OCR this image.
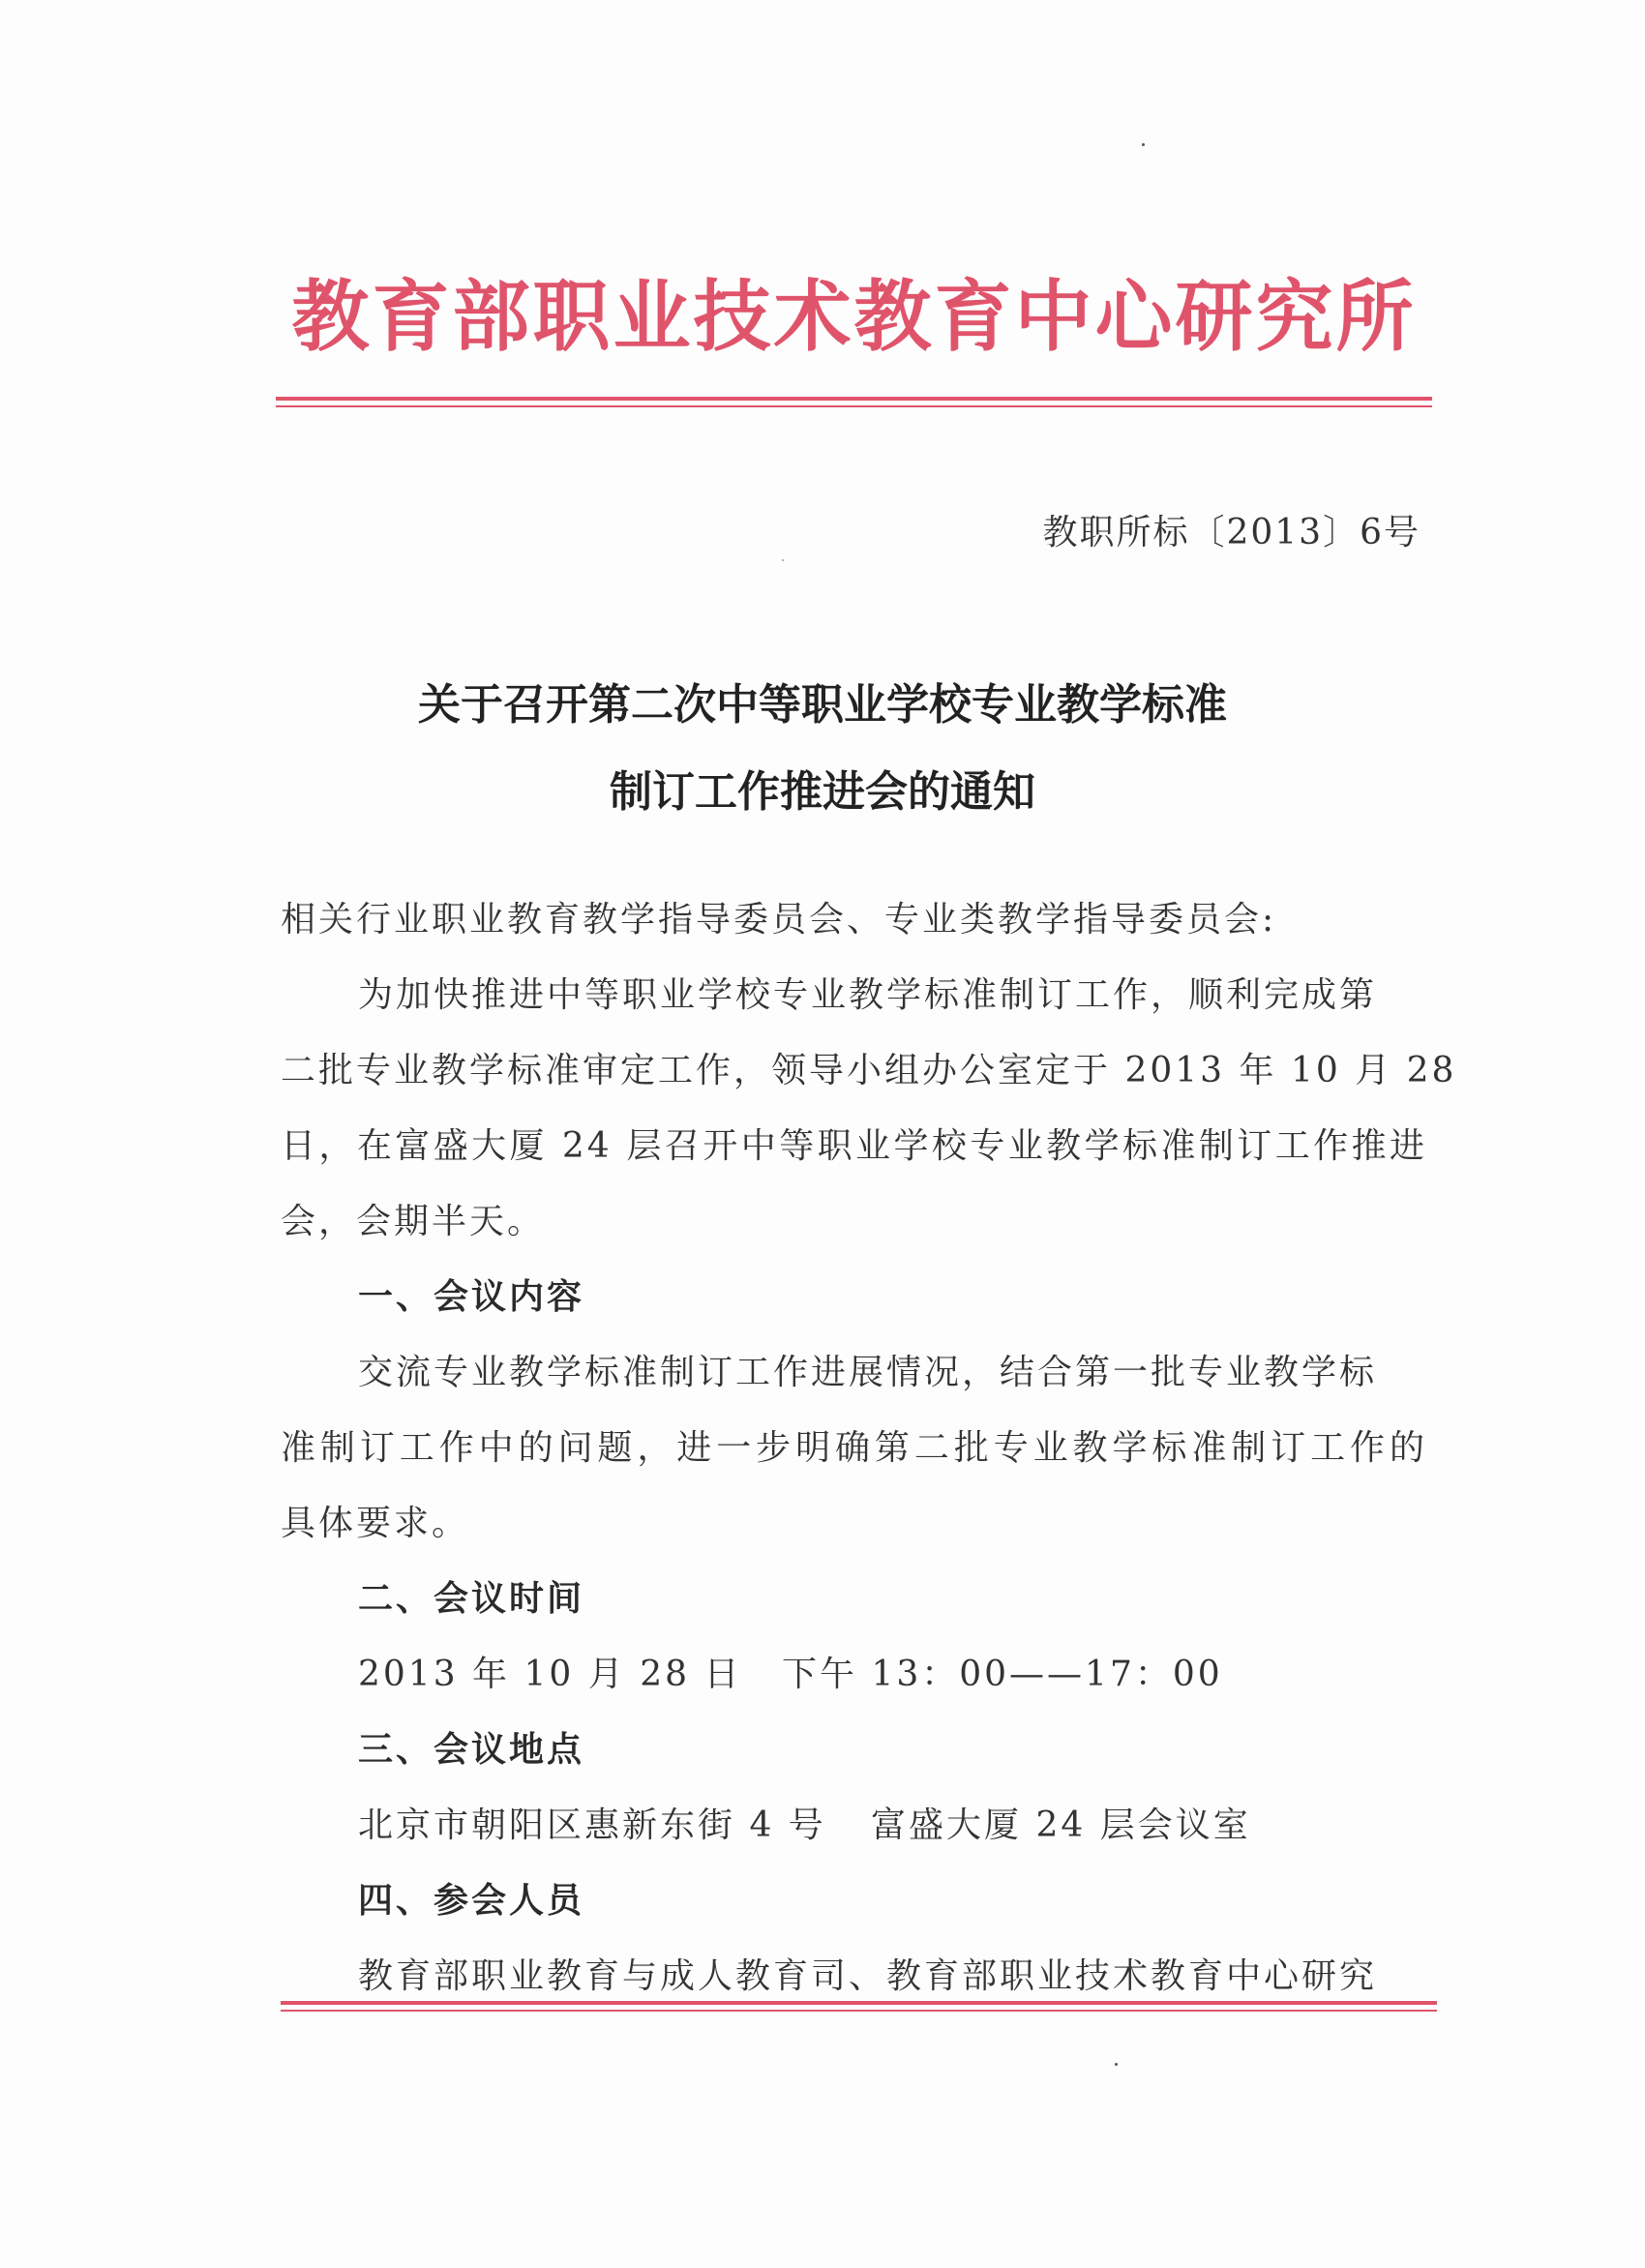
教育部职业技术教育中心研究所
教职所标〔2013〕6号
关于召开第二次中等职业学校专业教学标准
制订工作推进会的通知
相关行业职业教育教学指导委员会、专业类教学指导委员会:
为加快推进中等职业学校专业教学标准制订工作，顺利完成第
二批专业教学标准审定工作，领导小组办公室定于 2013 年 10 月 28
日，在富盛大厦 24 层召开中等职业学校专业教学标准制订工作推进
会，会期半天。
一、会议内容
交流专业教学标准制订工作进展情况，结合第一批专业教学标
准制订工作中的问题，进一步明确第二批专业教学标准制订工作的
具体要求。
二、会议时间
2013 年 10 月 28 日 下午 13：00——17：00
三、会议地点
北京市朝阳区惠新东街 4 号 富盛大厦 24 层会议室
四、参会人员
教育部职业教育与成人教育司、教育部职业技术教育中心研究
